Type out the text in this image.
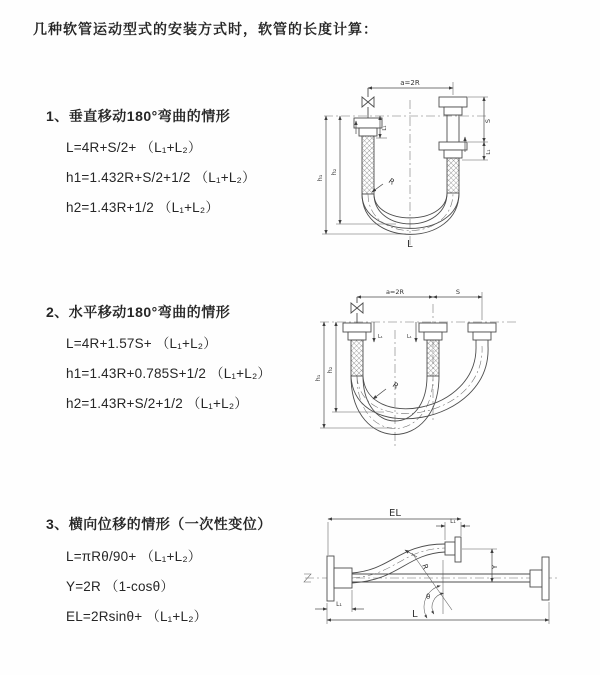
几种软管运动型式的安装方式时，软管的长度计算：
1、垂直移动180°弯曲的情形
L=4R+S/2+ （L₁+L₂）
h1=1.432R+S/2+1/2 （L₁+L₂）
h2=1.43R+1/2 （L₁+L₂）
2、水平移动180°弯曲的情形
L=4R+1.57S+ （L₁+L₂）
h1=1.43R+0.785S+1/2 （L₁+L₂）
h2=1.43R+S/2+1/2 （L₁+L₂）
3、横向位移的情形（一次性变位）
L=πRθ/90+ （L₁+L₂）
Y=2R （1-cosθ）
EL=2Rsinθ+ （L₁+L₂）
a=2R
h₁
h₂
L₁
S
L₁
R
L
a=2R	S
L₁	L₁
h₁
h₂
R
EL
L₁
Y
θ
R
L₁
L
